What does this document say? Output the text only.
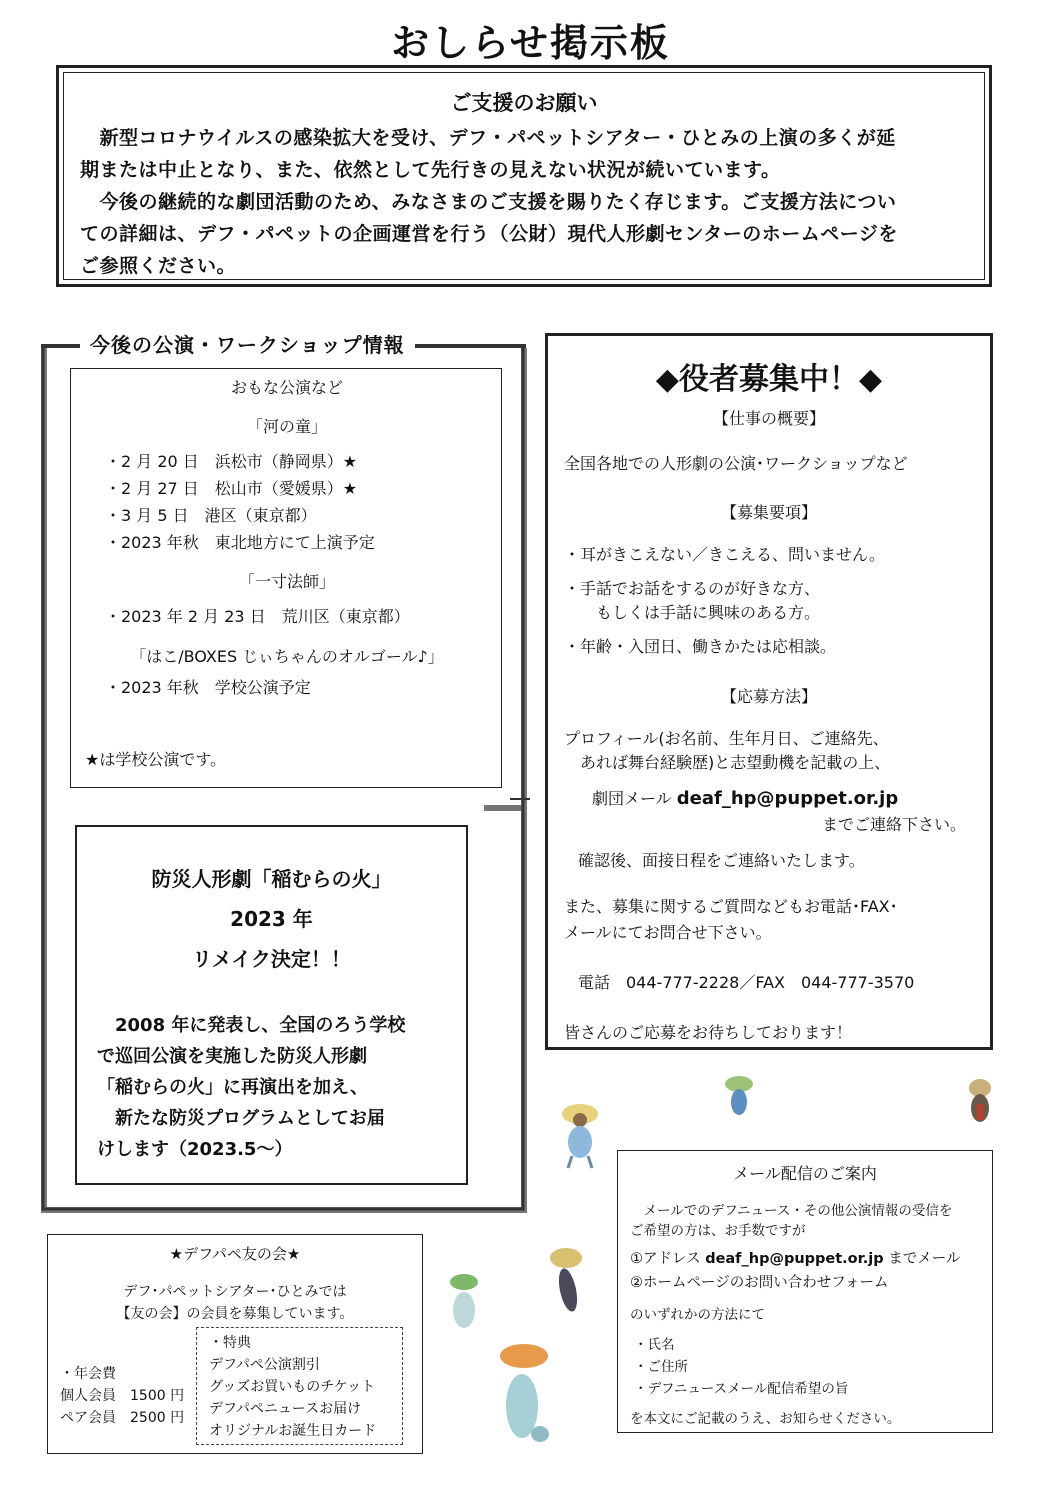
おしらせ掲示板
ご支援のお願い
　新型コロナウイルスの感染拡大を受け、デフ・パペットシアター・ひとみの上演の多くが延
期または中止となり、また、依然として先行きの見えない状況が続いています。
　今後の継続的な劇団活動のため、みなさまのご支援を賜りたく存じます。ご支援方法につい
ての詳細は、デフ・パペットの企画運営を行う（公財）現代人形劇センターのホームページを
ご参照ください。
今後の公演・ワークショップ情報
おもな公演など
「河の童」
・2 月 20 日　浜松市（静岡県）★
・2 月 27 日　松山市（愛媛県）★
・3 月 5 日　港区（東京都）
・2023 年秋　東北地方にて上演予定
「一寸法師」
・2023 年 2 月 23 日　荒川区（東京都）
「はこ/BOXES じぃちゃんのオルゴール♪」
・2023 年秋　学校公演予定
★は学校公演です。
防災人形劇「稲むらの火」
2023 年
リメイク決定！！
　2008 年に発表し、全国のろう学校
で巡回公演を実施した防災人形劇
「稲むらの火」に再演出を加え、
　新たな防災プログラムとしてお届
けします（2023.5〜）
◆役者募集中！◆
【仕事の概要】
全国各地での人形劇の公演･ワークショップなど
【募集要項】
・耳がきこえない／きこえる、問いません。
・手話でお話をするのが好きな方、
　　もしくは手話に興味のある方。
・年齢・入団日、働きかたは応相談。
【応募方法】
プロフィール(お名前、生年月日、ご連絡先、
　あれば舞台経験歴)と志望動機を記載の上、
劇団メール deaf_hp@puppet.or.jp
までご連絡下さい。
確認後、面接日程をご連絡いたします。
また、募集に関するご質問などもお電話･FAX･
メールにてお問合せ下さい。
電話　044-777-2228／FAX　044-777-3570
皆さんのご応募をお待ちしております！
★デフパペ友の会★
デフ･パペットシアター･ひとみでは
【友の会】の会員を募集しています。
・年会費
個人会員　1500 円
ペア会員　2500 円
・特典
デフパペ公演割引
グッズお買いものチケット
デフパペニュースお届け
オリジナルお誕生日カード
メール配信のご案内
　メールでのデフニュース・その他公演情報の受信を
ご希望の方は、お手数ですが
①アドレス deaf_hp@puppet.or.jp までメール
②ホームページのお問い合わせフォーム
のいずれかの方法にて
・氏名
・ご住所
・デフニュースメール配信希望の旨
を本文にご記載のうえ、お知らせください。
